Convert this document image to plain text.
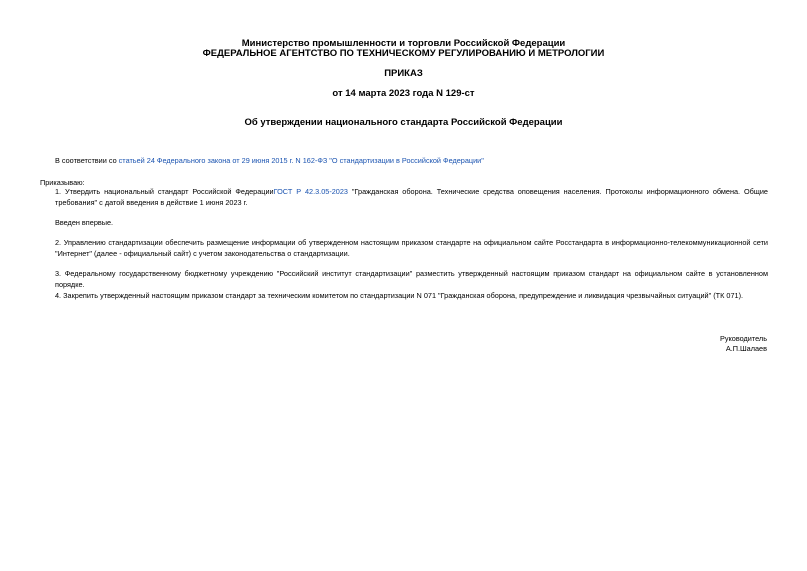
Министерство промышленности и торговли Российской Федерации
ФЕДЕРАЛЬНОЕ АГЕНТСТВО ПО ТЕХНИЧЕСКОМУ РЕГУЛИРОВАНИЮ И МЕТРОЛОГИИ
ПРИКАЗ
от 14 марта 2023 года N 129-ст
Об утверждении национального стандарта Российской Федерации
В соответствии со статьей 24 Федерального закона от 29 июня 2015 г. N 162-ФЗ "О стандартизации в Российской Федерации"
Приказываю:
1. Утвердить национальный стандарт Российской ФедерацииГОСТ Р 42.3.05-2023 "Гражданская оборона. Технические средства оповещения населения. Протоколы информационного обмена. Общие требования" с датой введения в действие 1 июня 2023 г.
Введен впервые.
2. Управлению стандартизации обеспечить размещение информации об утвержденном настоящим приказом стандарте на официальном сайте Росстандарта в информационно-телекоммуникационной сети "Интернет" (далее - официальный сайт) с учетом законодательства о стандартизации.
3. Федеральному государственному бюджетному учреждению "Российский институт стандартизации" разместить утвержденный настоящим приказом стандарт на официальном сайте в установленном порядке.
4. Закрепить утвержденный настоящим приказом стандарт за техническим комитетом по стандартизации N 071 "Гражданская оборона, предупреждение и ликвидация чрезвычайных ситуаций" (ТК 071).
Руководитель
А.П.Шалаев
